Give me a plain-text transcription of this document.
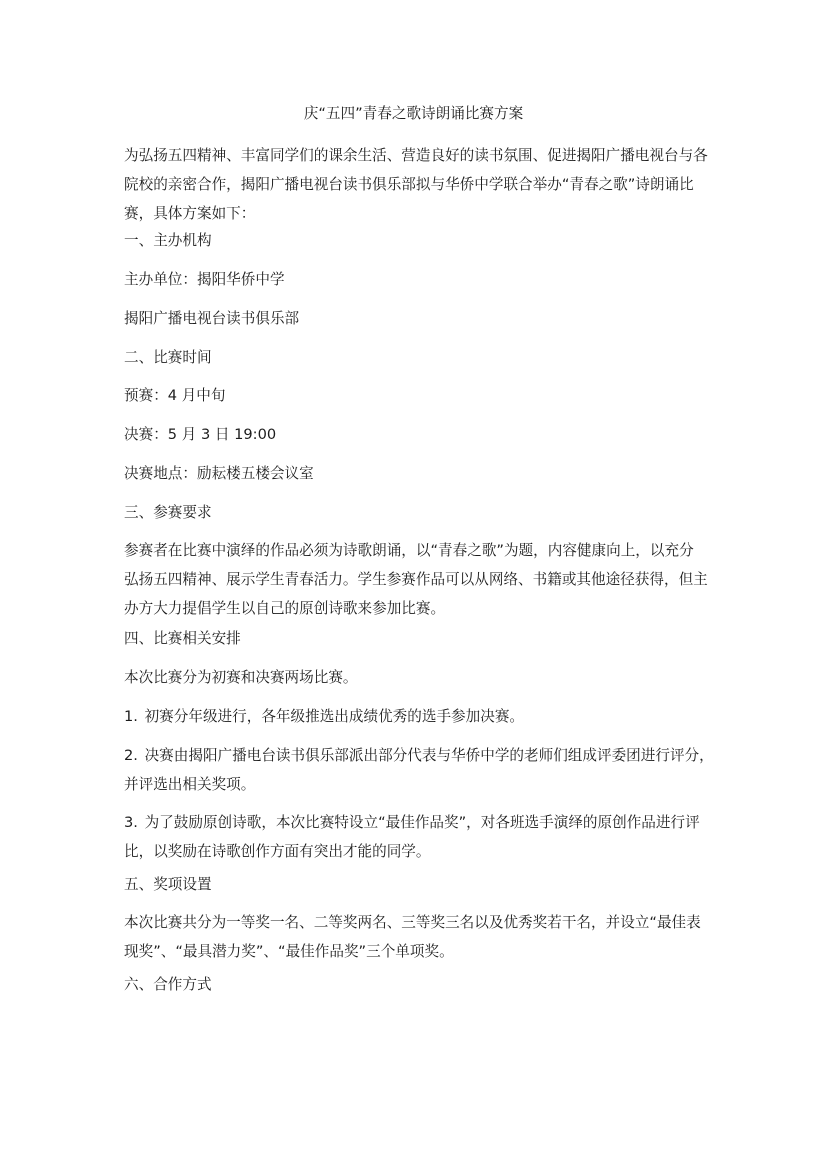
庆“五四”青春之歌诗朗诵比赛方案
为弘扬五四精神、丰富同学们的课余生活、营造良好的读书氛围、促进揭阳广播电视台与各
院校的亲密合作，揭阳广播电视台读书俱乐部拟与华侨中学联合举办“青春之歌”诗朗诵比
赛，具体方案如下：

一、主办机构

主办单位：揭阳华侨中学

揭阳广播电视台读书俱乐部

二、比赛时间

预赛：4 月中旬

决赛：5 月 3 日 19:00

决赛地点：励耘楼五楼会议室

三、参赛要求

参赛者在比赛中演绎的作品必须为诗歌朗诵，以“青春之歌”为题，内容健康向上，以充分
弘扬五四精神、展示学生青春活力。学生参赛作品可以从网络、书籍或其他途径获得，但主
办方大力提倡学生以自己的原创诗歌来参加比赛。

四、比赛相关安排

本次比赛分为初赛和决赛两场比赛。

1. 初赛分年级进行，各年级推选出成绩优秀的选手参加决赛。
2. 决赛由揭阳广播电台读书俱乐部派出部分代表与华侨中学的老师们组成评委团进行评分，
并评选出相关奖项。
3. 为了鼓励原创诗歌，本次比赛特设立“最佳作品奖”，对各班选手演绎的原创作品进行评
比，以奖励在诗歌创作方面有突出才能的同学。

五、奖项设置

本次比赛共分为一等奖一名、二等奖两名、三等奖三名以及优秀奖若干名，并设立“最佳表
现奖”、“最具潜力奖”、“最佳作品奖”三个单项奖。

六、合作方式
